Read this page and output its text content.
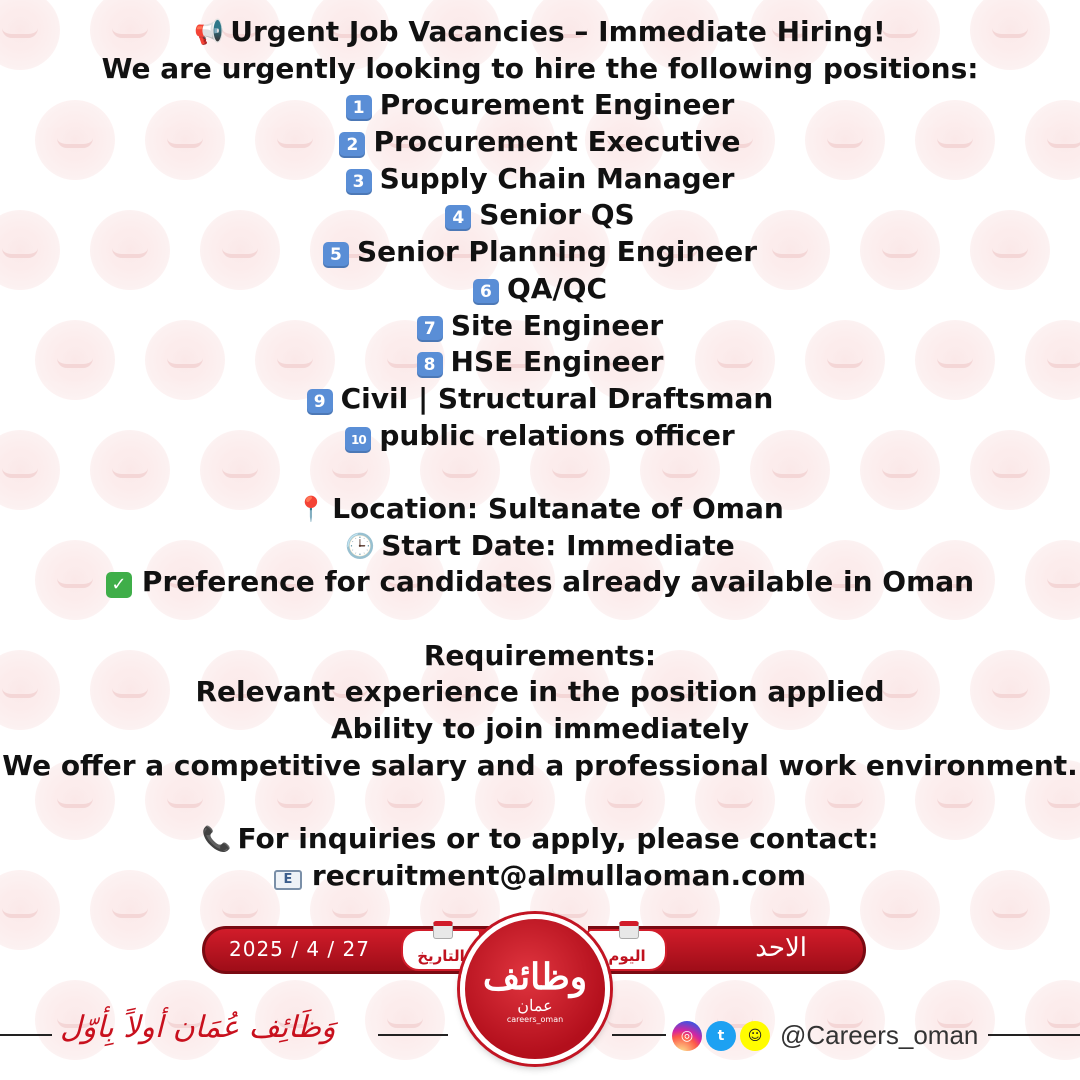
📢 Urgent Job Vacancies – Immediate Hiring!
We are urgently looking to hire the following positions:
1 Procurement Engineer
2 Procurement Executive
3 Supply Chain Manager
4 Senior QS
5 Senior Planning Engineer
6 QA/QC
7 Site Engineer
8 HSE Engineer
9 Civil | Structural Draftsman
10 public relations officer
📍 Location: Sultanate of Oman
🕒 Start Date: Immediate
✓ Preference for candidates already available in Oman
Requirements:
Relevant experience in the position applied
Ability to join immediately
We offer a competitive salary and a professional work environment.
📞 For inquiries or to apply, please contact:
E recruitment@almullaoman.com
2025 / 4 / 27	التاريخ	اليوم	الاحد
وظائف
عمان
careers_oman
وَظَائِف عُمَان أولاً بِأوّل	◎	t	☺ @Careers_oman
